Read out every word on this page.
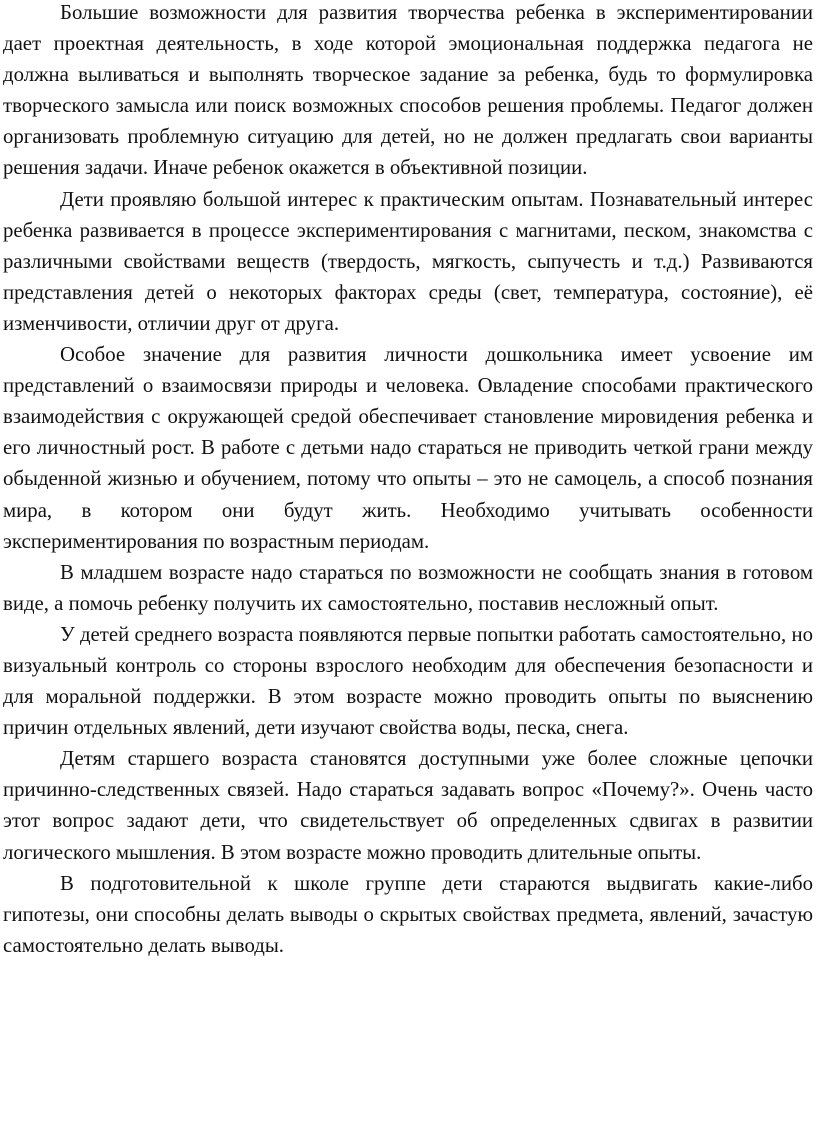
Большие возможности для развития творчества ребенка в экспериментировании дает проектная деятельность, в ходе которой эмоциональная поддержка педагога не должна выливаться и выполнять творческое задание за ребенка, будь то формулировка творческого замысла или поиск возможных способов решения проблемы. Педагог должен организовать проблемную ситуацию для детей, но не должен предлагать свои варианты решения задачи. Иначе ребенок окажется в объективной позиции.

Дети проявляю большой интерес к практическим опытам. Познавательный интерес ребенка развивается в процессе экспериментирования с магнитами, песком, знакомства с различными свойствами веществ (твердость, мягкость, сыпучесть и т.д.) Развиваются представления детей о некоторых факторах среды (свет, температура, состояние), её изменчивости, отличии друг от друга.

Особое значение для развития личности дошкольника имеет усвоение им представлений о взаимосвязи природы и человека. Овладение способами практического взаимодействия с окружающей средой обеспечивает становление мировидения ребенка и его личностный рост. В работе с детьми надо стараться не приводить четкой грани между обыденной жизнью и обучением, потому что опыты – это не самоцель, а способ познания мира, в котором они будут жить. Необходимо учитывать особенности экспериментирования по возрастным периодам.

В младшем возрасте надо стараться по возможности не сообщать знания в готовом виде, а помочь ребенку получить их самостоятельно, поставив несложный опыт.

У детей среднего возраста появляются первые попытки работать самостоятельно, но визуальный контроль со стороны взрослого необходим для обеспечения безопасности и для моральной поддержки. В этом возрасте можно проводить опыты по выяснению причин отдельных явлений, дети изучают свойства воды, песка, снега.

Детям старшего возраста становятся доступными уже более сложные цепочки причинно-следственных связей. Надо стараться задавать вопрос «Почему?». Очень часто этот вопрос задают дети, что свидетельствует об определенных сдвигах в развитии логического мышления. В этом возрасте можно проводить длительные опыты.

В подготовительной к школе группе дети стараются выдвигать какие-либо гипотезы, они способны делать выводы о скрытых свойствах предмета, явлений, зачастую самостоятельно делать выводы.
